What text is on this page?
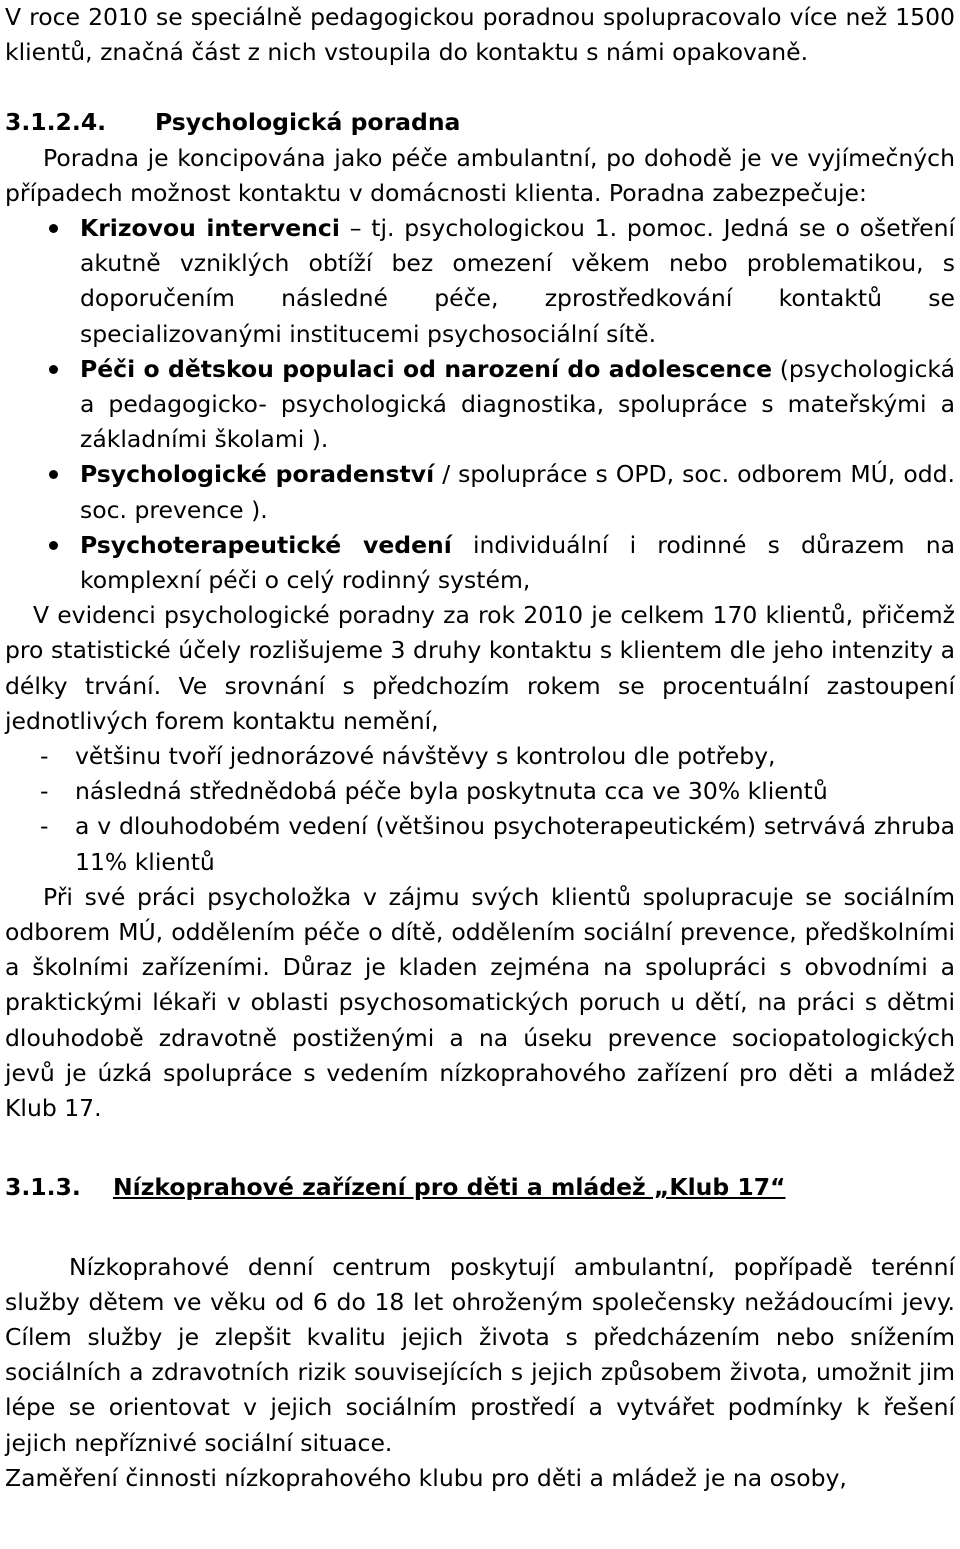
V roce 2010 se speciálně pedagogickou poradnou spolupracovalo více než 1500 klientů, značná část z nich vstoupila do kontaktu s námi opakovaně.

3.1.2.4.	Psychologická poradna

Poradna je koncipována jako péče ambulantní, po dohodě je ve vyjímečných případech možnost kontaktu v domácnosti klienta. Poradna zabezpečuje:

Krizovou intervenci – tj. psychologickou 1. pomoc. Jedná se o ošetření akutně vzniklých obtíží bez omezení věkem nebo problematikou, s doporučením následné péče, zprostředkování kontaktů se specializovanými institucemi psychosociální sítě.
Péči o dětskou populaci od narození do adolescence (psychologická a pedagogicko- psychologická diagnostika, spolupráce s mateřskými a základními školami ).
Psychologické poradenství / spolupráce s OPD, soc. odborem MÚ, odd. soc. prevence ).
Psychoterapeutické vedení individuální i rodinné s důrazem na komplexní péči o celý rodinný systém,

V evidenci psychologické poradny za rok 2010 je celkem 170 klientů, přičemž pro statistické účely rozlišujeme 3 druhy kontaktu s klientem dle jeho intenzity a délky trvání. Ve srovnání s předchozím rokem se procentuální zastoupení jednotlivých forem kontaktu nemění,

- většinu tvoří jednorázové návštěvy s kontrolou dle potřeby,
- následná střednědobá péče byla poskytnuta cca ve 30% klientů
- a v dlouhodobém vedení (většinou psychoterapeutickém) setrvává zhruba 11% klientů

Při své práci psycholožka v zájmu svých klientů spolupracuje se sociálním odborem MÚ, oddělením péče o dítě, oddělením sociální prevence, předškolními a školními zařízeními. Důraz je kladen zejména na spolupráci s obvodními a praktickými lékaři v oblasti psychosomatických poruch u dětí, na práci s dětmi dlouhodobě zdravotně postiženými a na úseku prevence sociopatologických jevů je úzká spolupráce s vedením nízkoprahového zařízení pro děti a mládež Klub 17.

3.1.3.	Nízkoprahové zařízení pro děti a mládež „Klub 17“

Nízkoprahové denní centrum poskytují ambulantní, popřípadě terénní služby dětem ve věku od 6 do 18 let ohroženým společensky nežádoucími jevy. Cílem služby je zlepšit kvalitu jejich života s předcházením nebo snížením sociálních a zdravotních rizik souvisejících s jejich způsobem života, umožnit jim lépe se orientovat v jejich sociálním prostředí a vytvářet podmínky k řešení jejich nepříznivé sociální situace.

Zaměření činnosti nízkoprahového klubu pro děti a mládež je na osoby,
